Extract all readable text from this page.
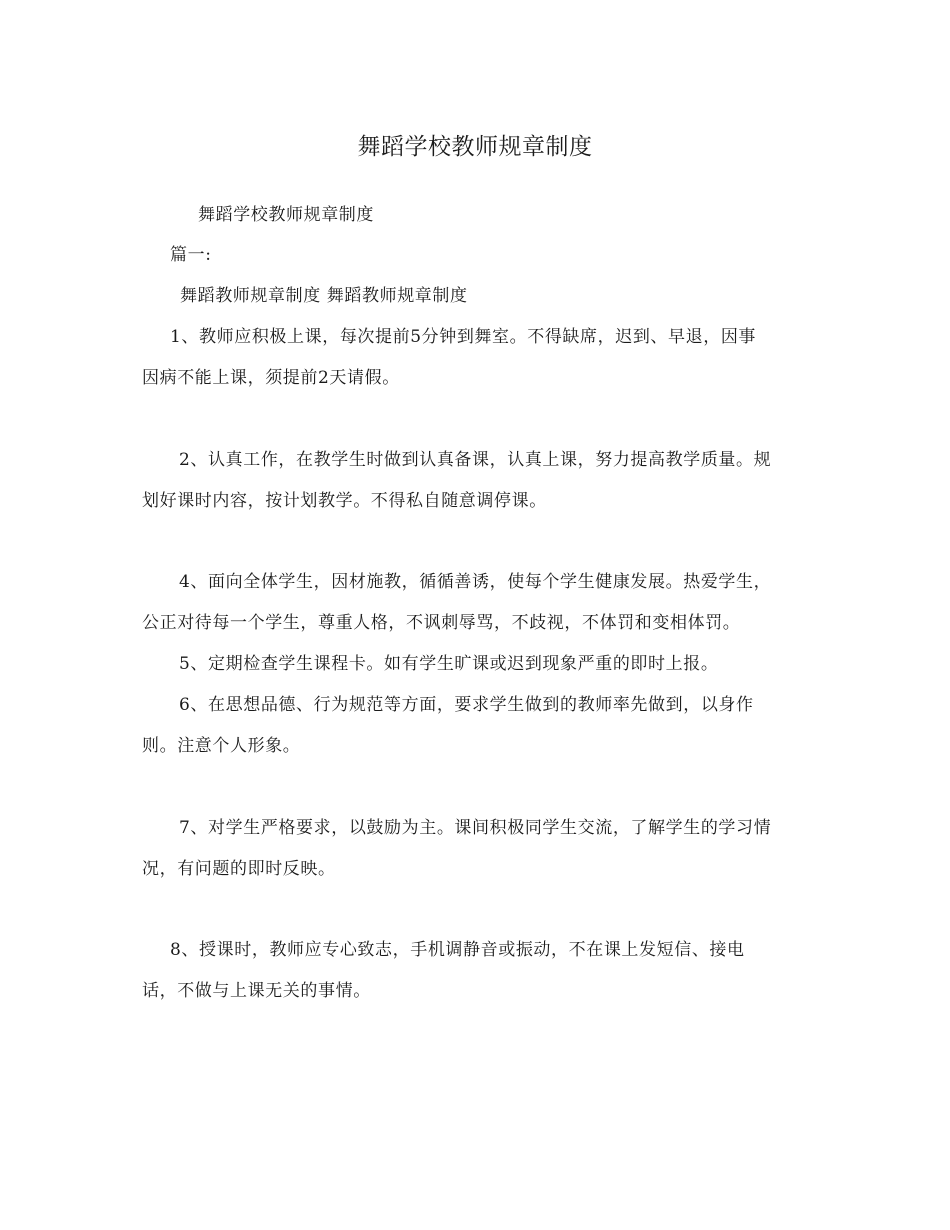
舞蹈学校教师规章制度
舞蹈学校教师规章制度
篇一:
舞蹈教师规章制度 舞蹈教师规章制度
1、教师应积极上课，每次提前5分钟到舞室。不得缺席，迟到、早退，因事
因病不能上课，须提前2天请假。
2、认真工作，在教学生时做到认真备课，认真上课，努力提高教学质量。规
划好课时内容，按计划教学。不得私自随意调停课。
4、面向全体学生，因材施教，循循善诱，使每个学生健康发展。热爱学生，
公正对待每一个学生，尊重人格，不讽刺辱骂，不歧视，不体罚和变相体罚。
5、定期检查学生课程卡。如有学生旷课或迟到现象严重的即时上报。
6、在思想品德、行为规范等方面，要求学生做到的教师率先做到，以身作
则。注意个人形象。
7、对学生严格要求，以鼓励为主。课间积极同学生交流，了解学生的学习情
况，有问题的即时反映。
8、授课时，教师应专心致志，手机调静音或振动，不在课上发短信、接电
话，不做与上课无关的事情。
